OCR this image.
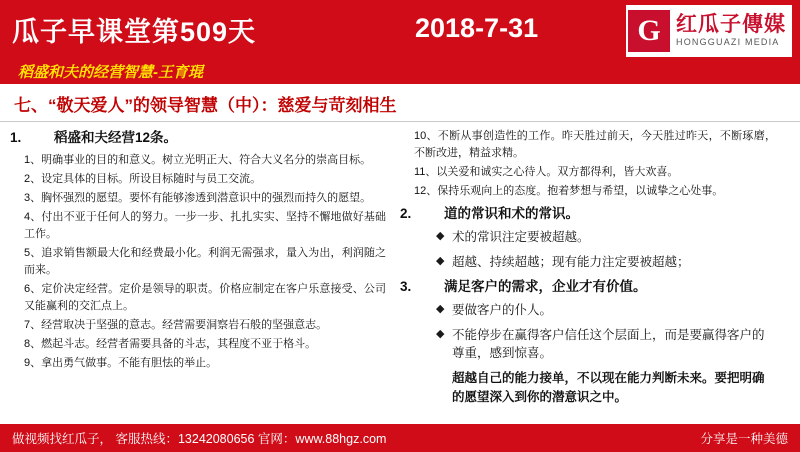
瓜子早课堂第509天	2018-7-31	G 红瓜子傳媒
HONGGUAZI MEDIA
稻盛和夫的经营智慧-王育琨
七、“敬天爱人”的领导智慧（中）：慈爱与苛刻相生
1.	稻盛和夫经营12条。
1、明确事业的目的和意义。树立光明正大、符合大义名分的崇高目标。
2、设定具体的目标。所设目标随时与员工交流。
3、胸怀强烈的愿望。要怀有能够渗透到潜意识中的强烈而持久的愿望。
4、付出不亚于任何人的努力。一步一步、扎扎实实、坚持不懈地做好基础工作。
5、追求销售额最大化和经费最小化。利润无需强求，量入为出，利润随之而来。
6、定价决定经营。定价是领导的职责。价格应制定在客户乐意接受、公司又能赢利的交汇点上。
7、经营取决于坚强的意志。经营需要洞察岩石般的坚强意志。
8、燃起斗志。经营者需要具备的斗志，其程度不亚于格斗。
9、拿出勇气做事。不能有胆怯的举止。
10、不断从事创造性的工作。昨天胜过前天，今天胜过昨天，不断琢磨，不断改进，精益求精。
11、以关爱和诚实之心待人。双方都得利，皆大欢喜。
12、保持乐观向上的态度。抱着梦想与希望，以诚挚之心处事。
2.	道的常识和术的常识。
◆ 术的常识注定要被超越。
◆ 超越、持续超越；现有能力注定要被超越；
3.	满足客户的需求，企业才有价值。
◆ 要做客户的仆人。
◆ 不能停步在赢得客户信任这个层面上，而是要赢得客户的尊重，感到惊喜。
超越自己的能力接单，不以现在能力判断未来。要把明确的愿望深入到你的潜意识之中。
做视频找红瓜子， 客服热线：13242080656 官网：www.88hgz.com	分享是一种美德
